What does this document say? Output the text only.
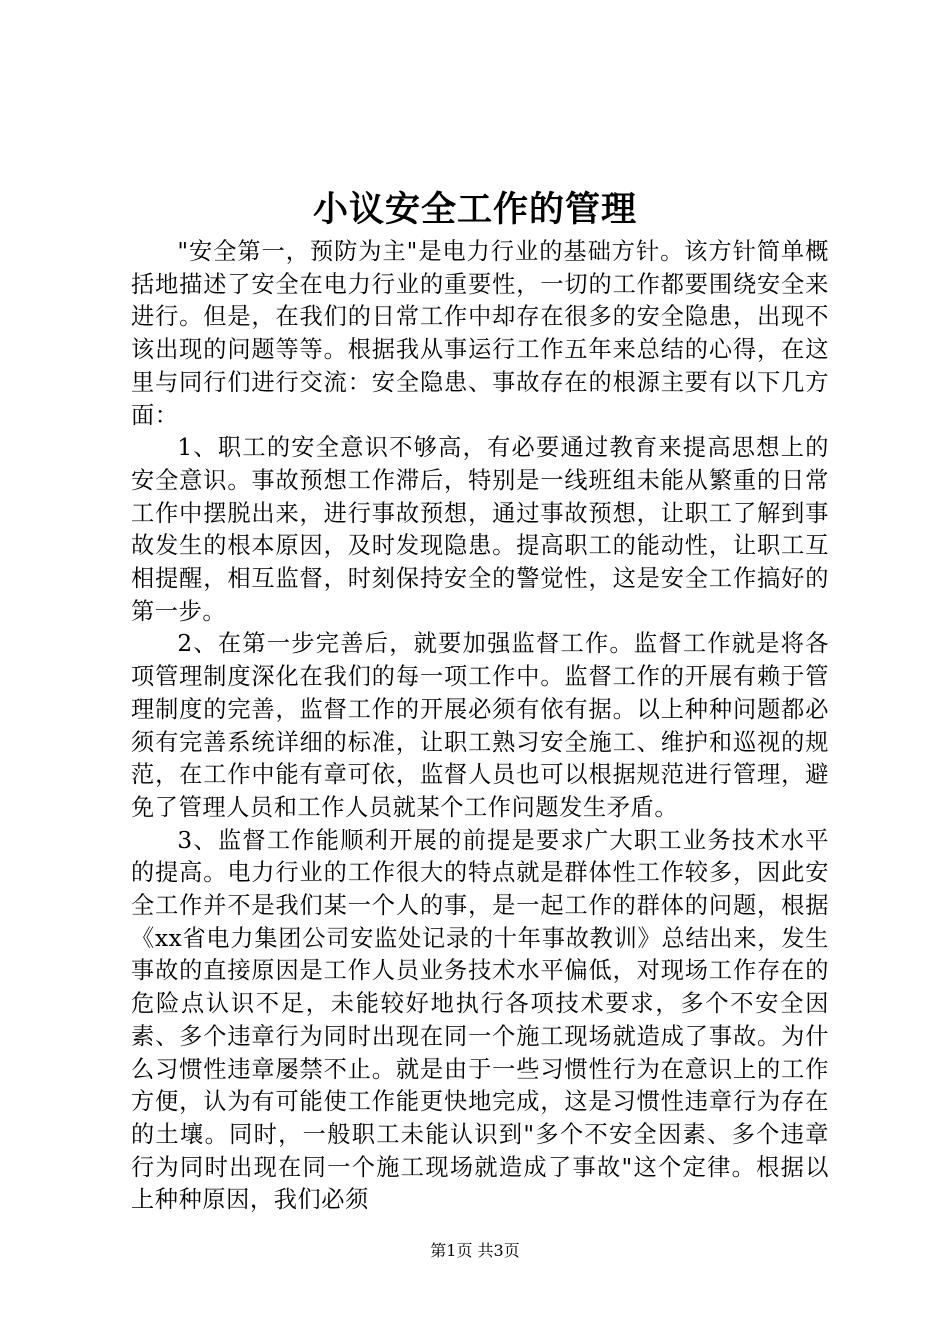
小议安全工作的管理

"安全第一，预防为主"是电力行业的基础方针。该方针简单概括地描述了安全在电力行业的重要性，一切的工作都要围绕安全来进行。但是，在我们的日常工作中却存在很多的安全隐患，出现不该出现的问题等等。根据我从事运行工作五年来总结的心得，在这里与同行们进行交流：安全隐患、事故存在的根源主要有以下几方面：

1、职工的安全意识不够高，有必要通过教育来提高思想上的安全意识。事故预想工作滞后，特别是一线班组未能从繁重的日常工作中摆脱出来，进行事故预想，通过事故预想，让职工了解到事故发生的根本原因，及时发现隐患。提高职工的能动性，让职工互相提醒，相互监督，时刻保持安全的警觉性，这是安全工作搞好的第一步。

2、在第一步完善后，就要加强监督工作。监督工作就是将各项管理制度深化在我们的每一项工作中。监督工作的开展有赖于管理制度的完善，监督工作的开展必须有依有据。以上种种问题都必须有完善系统详细的标准，让职工熟习安全施工、维护和巡视的规范，在工作中能有章可依，监督人员也可以根据规范进行管理，避免了管理人员和工作人员就某个工作问题发生矛盾。

3、监督工作能顺利开展的前提是要求广大职工业务技术水平的提高。电力行业的工作很大的特点就是群体性工作较多，因此安全工作并不是我们某一个人的事，是一起工作的群体的问题，根据《xx省电力集团公司安监处记录的十年事故教训》总结出来，发生事故的直接原因是工作人员业务技术水平偏低，对现场工作存在的危险点认识不足，未能较好地执行各项技术要求，多个不安全因素、多个违章行为同时出现在同一个施工现场就造成了事故。为什么习惯性违章屡禁不止。就是由于一些习惯性行为在意识上的工作方便，认为有可能使工作能更快地完成，这是习惯性违章行为存在的土壤。同时，一般职工未能认识到"多个不安全因素、多个违章行为同时出现在同一个施工现场就造成了事故"这个定律。根据以上种种原因，我们必须

第1页 共3页
